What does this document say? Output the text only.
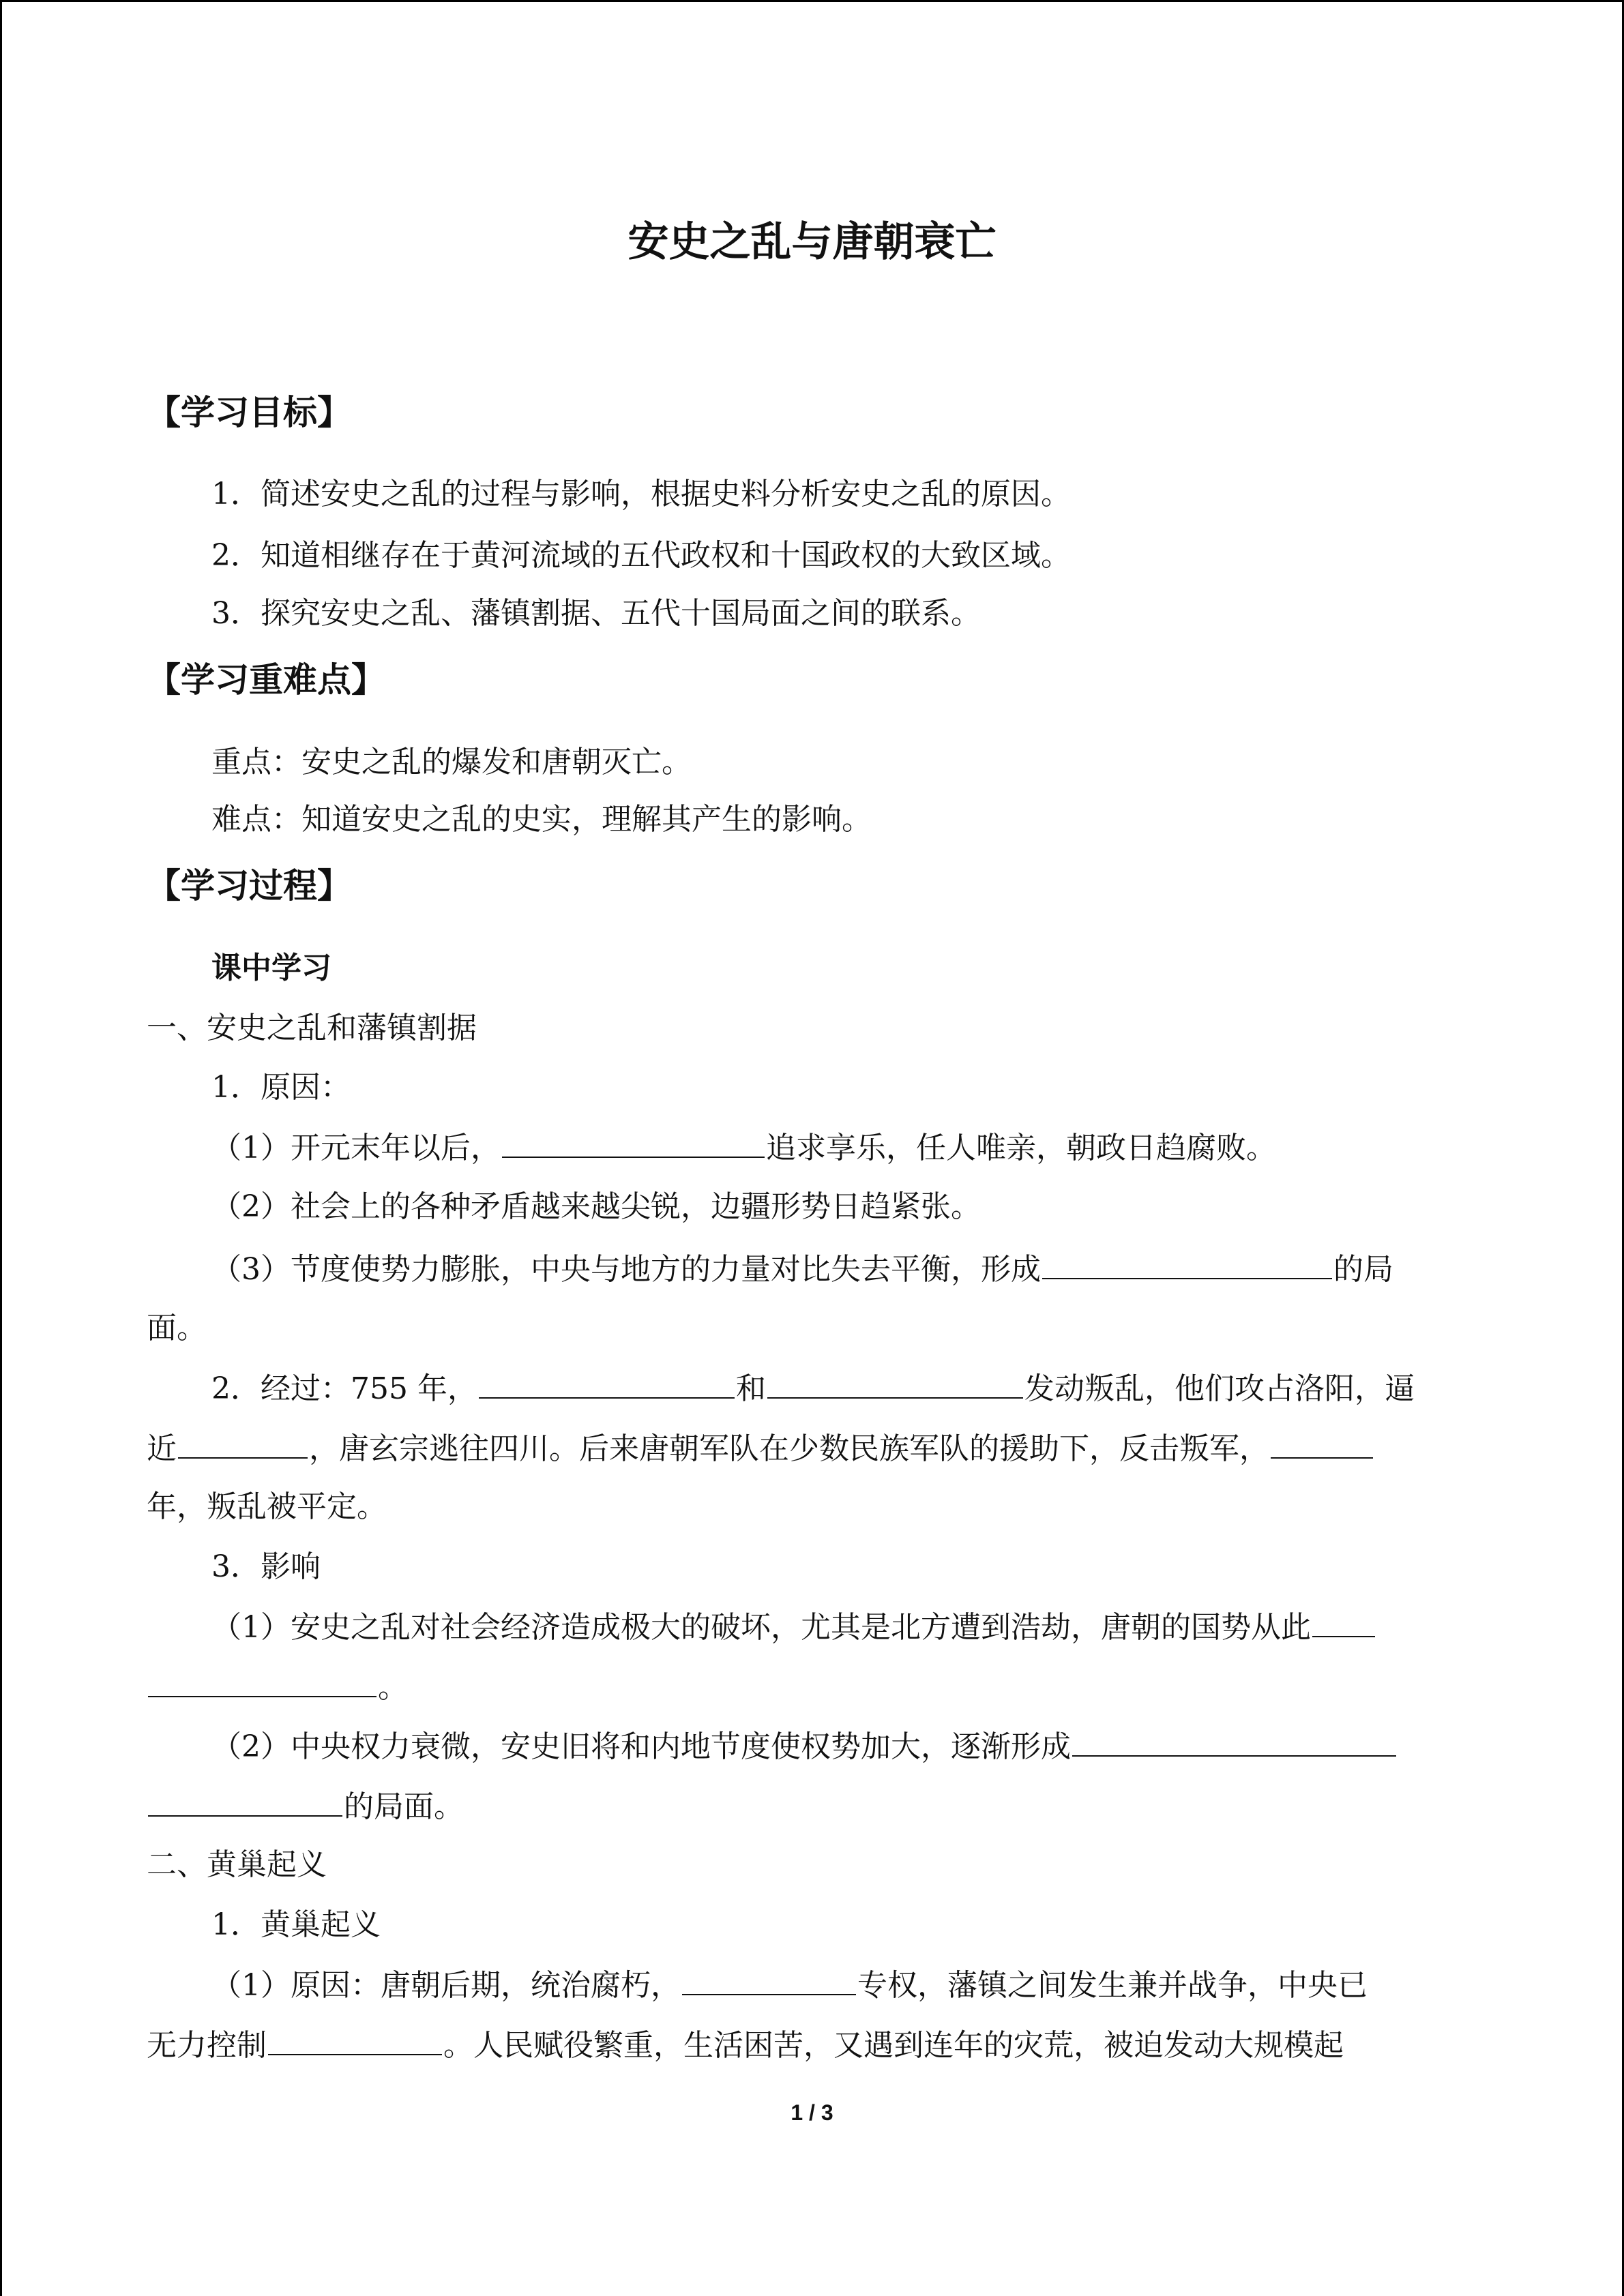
安史之乱与唐朝衰亡
【学习目标】
1．简述安史之乱的过程与影响，根据史料分析安史之乱的原因。
2．知道相继存在于黄河流域的五代政权和十国政权的大致区域。
3．探究安史之乱、藩镇割据、五代十国局面之间的联系。
【学习重难点】
重点：安史之乱的爆发和唐朝灭亡。
难点：知道安史之乱的史实，理解其产生的影响。
【学习过程】
课中学习
一、安史之乱和藩镇割据
1．原因：
（1）开元末年以后，	追求享乐，任人唯亲，朝政日趋腐败。
（2）社会上的各种矛盾越来越尖锐，边疆形势日趋紧张。
（3）节度使势力膨胀，中央与地方的力量对比失去平衡，形成	的局
面。
2．经过：755 年，	和	发动叛乱，他们攻占洛阳，逼
近	，唐玄宗逃往四川。后来唐朝军队在少数民族军队的援助下，反击叛军，
年，叛乱被平定。
3．影响
（1）安史之乱对社会经济造成极大的破坏，尤其是北方遭到浩劫，唐朝的国势从此
。
（2）中央权力衰微，安史旧将和内地节度使权势加大，逐渐形成
的局面。
二、黄巢起义
1．黄巢起义
（1）原因：唐朝后期，统治腐朽，	专权，藩镇之间发生兼并战争，中央已
无力控制	。人民赋役繁重，生活困苦，又遇到连年的灾荒，被迫发动大规模起
1 / 3
